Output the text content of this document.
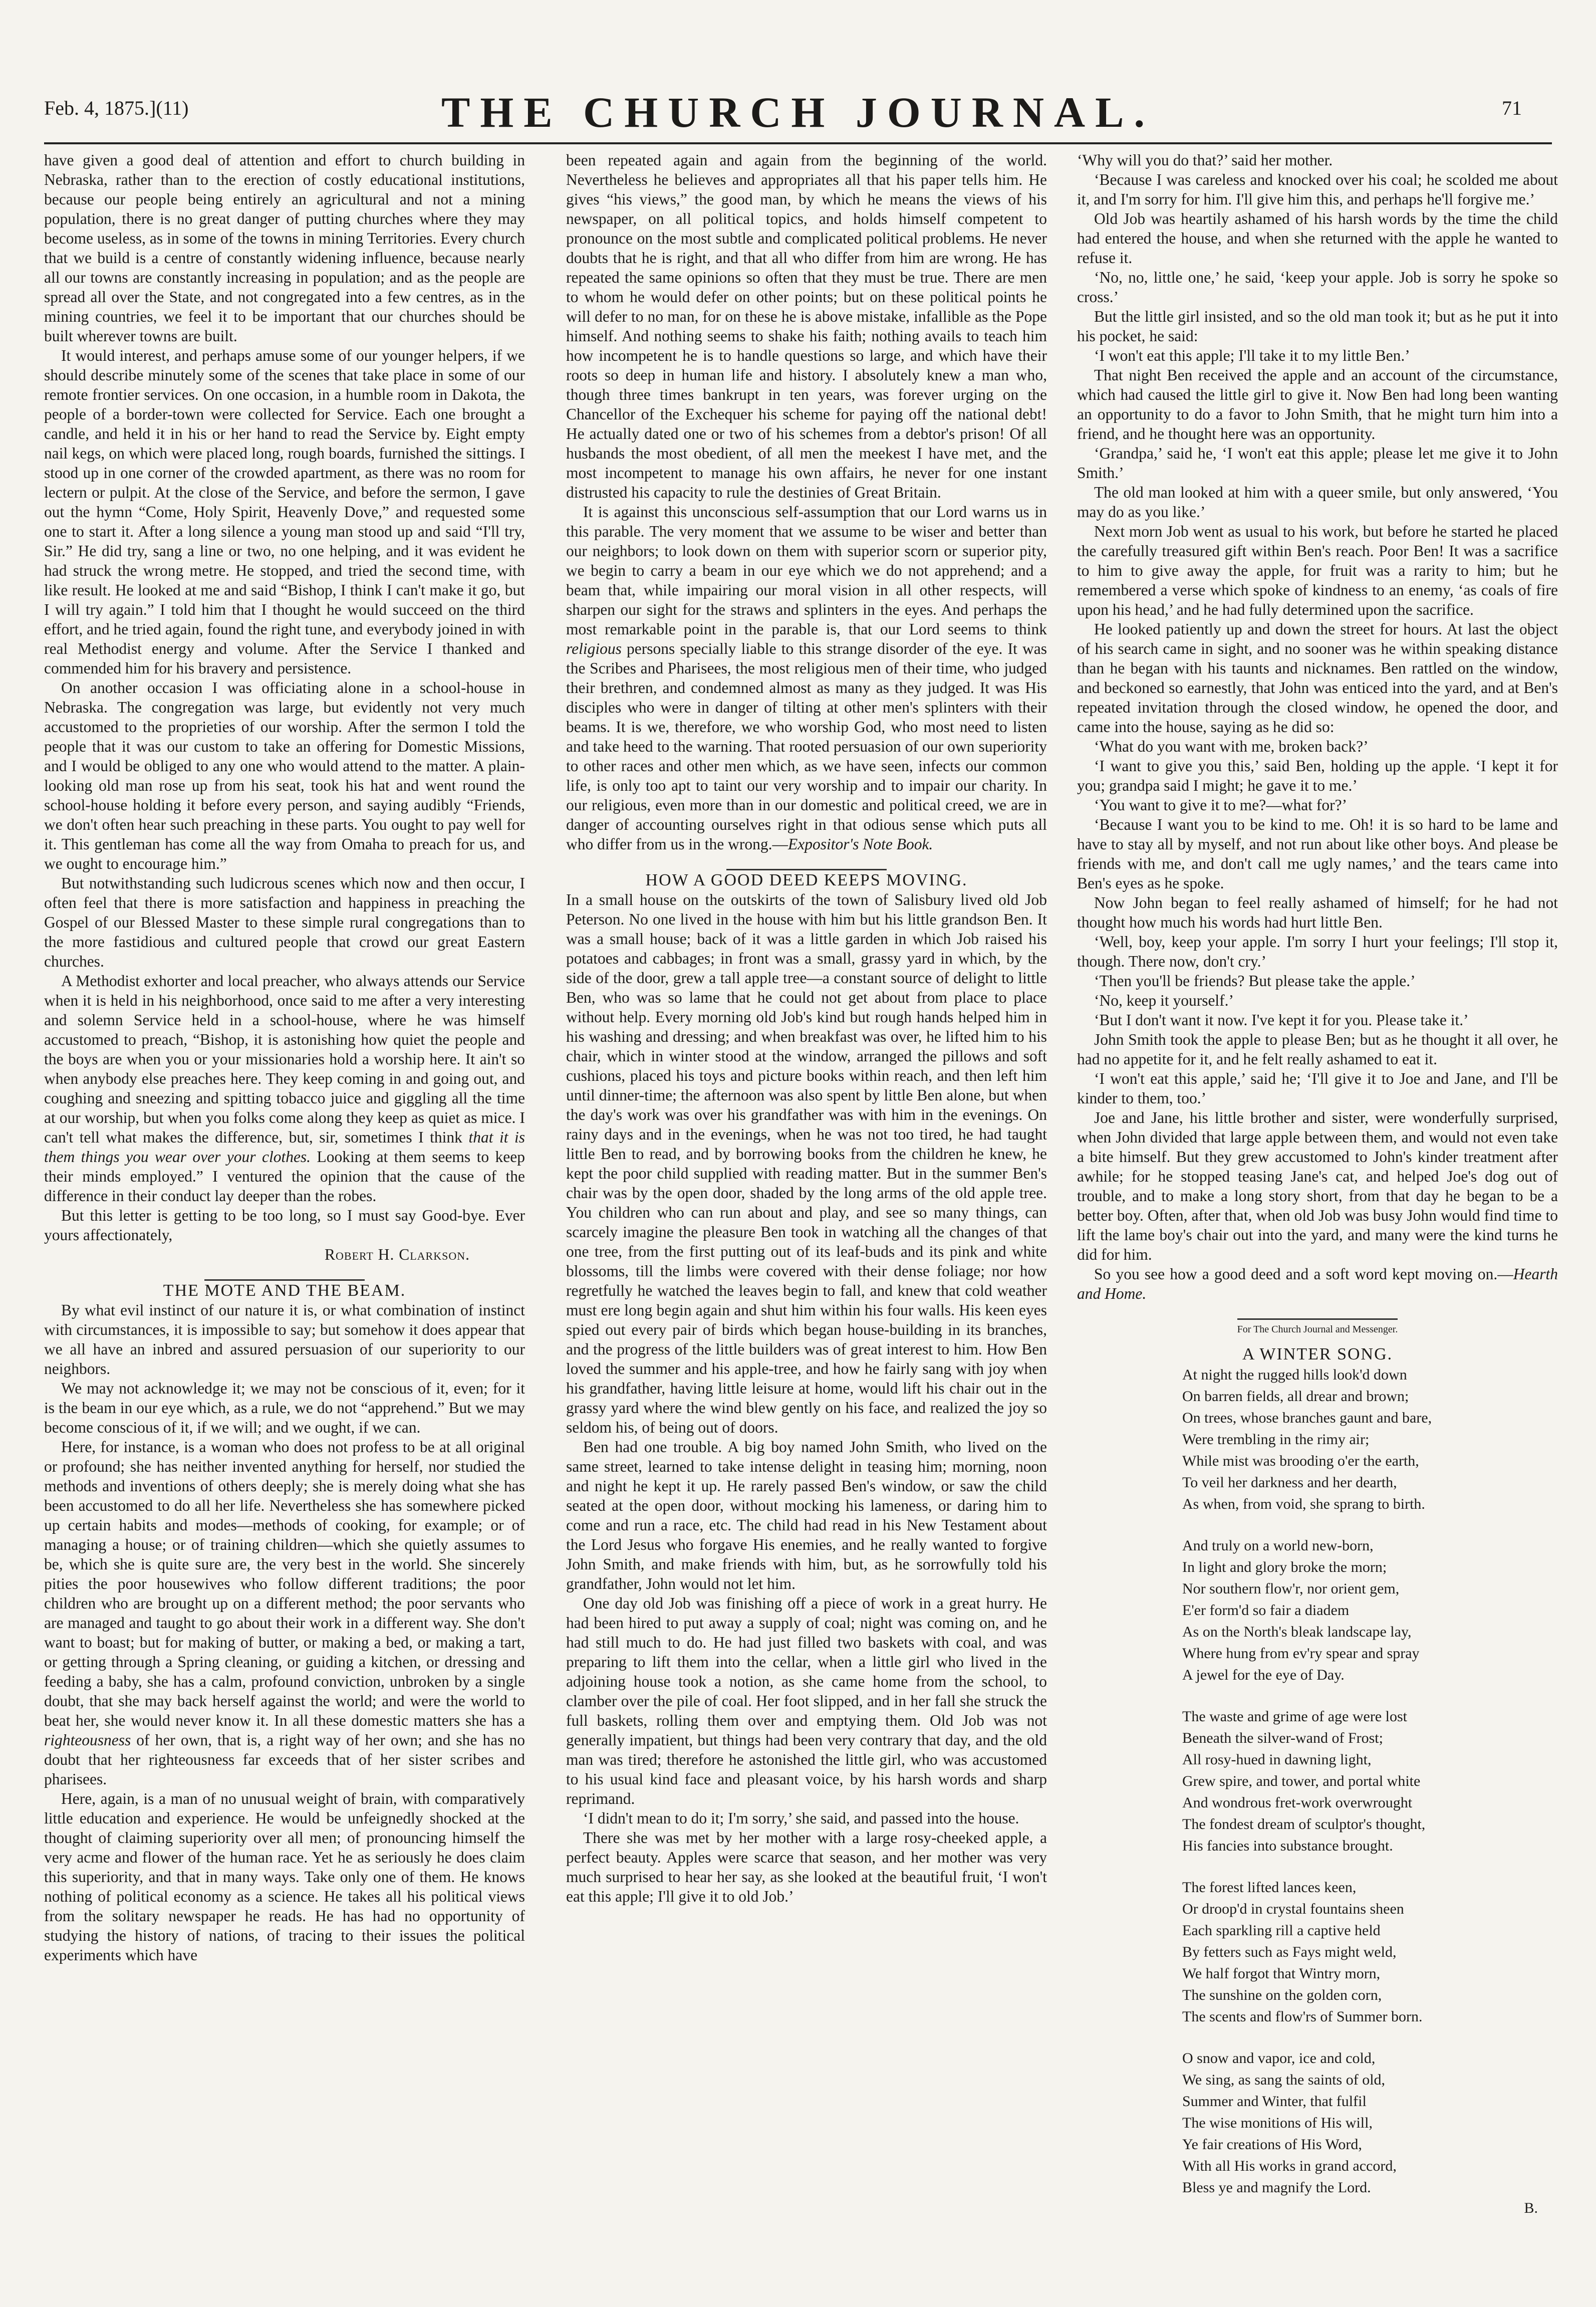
Feb. 4, 1875.](11)	THE CHURCH JOURNAL.	71

have given a good deal of attention and effort to church building in Nebraska, rather than to the erection of costly educational institutions, because our people being entirely an agricultural and not a mining population, there is no great danger of putting churches where they may become useless, as in some of the towns in mining Territories. Every church that we build is a centre of constantly widening influence, because nearly all our towns are constantly increasing in population; and as the people are spread all over the State, and not congregated into a few centres, as in the mining countries, we feel it to be important that our churches should be built wherever towns are built.

It would interest, and perhaps amuse some of our younger helpers, if we should describe minutely some of the scenes that take place in some of our remote frontier services. On one occasion, in a humble room in Dakota, the people of a border-town were collected for Service. Each one brought a candle, and held it in his or her hand to read the Service by. Eight empty nail kegs, on which were placed long, rough boards, furnished the sittings. I stood up in one corner of the crowded apartment, as there was no room for lectern or pulpit. At the close of the Service, and before the sermon, I gave out the hymn “Come, Holy Spirit, Heavenly Dove,” and requested some one to start it. After a long silence a young man stood up and said “I'll try, Sir.” He did try, sang a line or two, no one helping, and it was evident he had struck the wrong metre. He stopped, and tried the second time, with like result. He looked at me and said “Bishop, I think I can't make it go, but I will try again.” I told him that I thought he would succeed on the third effort, and he tried again, found the right tune, and everybody joined in with real Methodist energy and volume. After the Service I thanked and commended him for his bravery and persistence.

On another occasion I was officiating alone in a school-house in Nebraska. The congregation was large, but evidently not very much accustomed to the proprieties of our worship. After the sermon I told the people that it was our custom to take an offering for Domestic Missions, and I would be obliged to any one who would attend to the matter. A plain-looking old man rose up from his seat, took his hat and went round the school-house holding it before every person, and saying audibly “Friends, we don't often hear such preaching in these parts. You ought to pay well for it. This gentleman has come all the way from Omaha to preach for us, and we ought to encourage him.”

But notwithstanding such ludicrous scenes which now and then occur, I often feel that there is more satisfaction and happiness in preaching the Gospel of our Blessed Master to these simple rural congregations than to the more fastidious and cultured people that crowd our great Eastern churches.

A Methodist exhorter and local preacher, who always attends our Service when it is held in his neighborhood, once said to me after a very interesting and solemn Service held in a school-house, where he was himself accustomed to preach, “Bishop, it is astonishing how quiet the people and the boys are when you or your missionaries hold a worship here. It ain't so when anybody else preaches here. They keep coming in and going out, and coughing and sneezing and spitting tobacco juice and giggling all the time at our worship, but when you folks come along they keep as quiet as mice. I can't tell what makes the difference, but, sir, sometimes I think that it is them things you wear over your clothes. Looking at them seems to keep their minds employed.” I ventured the opinion that the cause of the difference in their conduct lay deeper than the robes.

But this letter is getting to be too long, so I must say Good-bye. Ever yours affectionately,

Robert H. Clarkson.

THE MOTE AND THE BEAM.

By what evil instinct of our nature it is, or what combination of instinct with circumstances, it is impossible to say; but somehow it does appear that we all have an inbred and assured persuasion of our superiority to our neighbors.

We may not acknowledge it; we may not be conscious of it, even; for it is the beam in our eye which, as a rule, we do not “apprehend.” But we may become conscious of it, if we will; and we ought, if we can.

Here, for instance, is a woman who does not profess to be at all original or profound; she has neither invented anything for herself, nor studied the methods and inventions of others deeply; she is merely doing what she has been accustomed to do all her life. Nevertheless she has somewhere picked up certain habits and modes—methods of cooking, for example; or of managing a house; or of training children—which she quietly assumes to be, which she is quite sure are, the very best in the world. She sincerely pities the poor housewives who follow different traditions; the poor children who are brought up on a different method; the poor servants who are managed and taught to go about their work in a different way. She don't want to boast; but for making of butter, or making a bed, or making a tart, or getting through a Spring cleaning, or guiding a kitchen, or dressing and feeding a baby, she has a calm, profound conviction, unbroken by a single doubt, that she may back herself against the world; and were the world to beat her, she would never know it. In all these domestic matters she has a righteousness of her own, that is, a right way of her own; and she has no doubt that her righteousness far exceeds that of her sister scribes and pharisees.

Here, again, is a man of no unusual weight of brain, with comparatively little education and experience. He would be unfeignedly shocked at the thought of claiming superiority over all men; of pronouncing himself the very acme and flower of the human race. Yet he as seriously he does claim this superiority, and that in many ways. Take only one of them. He knows nothing of political economy as a science. He takes all his political views from the solitary newspaper he reads. He has had no opportunity of studying the history of nations, of tracing to their issues the political experiments which have

been repeated again and again from the beginning of the world. Nevertheless he believes and appropriates all that his paper tells him. He gives “his views,” the good man, by which he means the views of his newspaper, on all political topics, and holds himself competent to pronounce on the most subtle and complicated political problems. He never doubts that he is right, and that all who differ from him are wrong. He has repeated the same opinions so often that they must be true. There are men to whom he would defer on other points; but on these political points he will defer to no man, for on these he is above mistake, infallible as the Pope himself. And nothing seems to shake his faith; nothing avails to teach him how incompetent he is to handle questions so large, and which have their roots so deep in human life and history. I absolutely knew a man who, though three times bankrupt in ten years, was forever urging on the Chancellor of the Exchequer his scheme for paying off the national debt! He actually dated one or two of his schemes from a debtor's prison! Of all husbands the most obedient, of all men the meekest I have met, and the most incompetent to manage his own affairs, he never for one instant distrusted his capacity to rule the destinies of Great Britain.

It is against this unconscious self-assumption that our Lord warns us in this parable. The very moment that we assume to be wiser and better than our neighbors; to look down on them with superior scorn or superior pity, we begin to carry a beam in our eye which we do not apprehend; and a beam that, while impairing our moral vision in all other respects, will sharpen our sight for the straws and splinters in the eyes. And perhaps the most remarkable point in the parable is, that our Lord seems to think religious persons specially liable to this strange disorder of the eye. It was the Scribes and Pharisees, the most religious men of their time, who judged their brethren, and condemned almost as many as they judged. It was His disciples who were in danger of tilting at other men's splinters with their beams. It is we, therefore, we who worship God, who most need to listen and take heed to the warning. That rooted persuasion of our own superiority to other races and other men which, as we have seen, infects our common life, is only too apt to taint our very worship and to impair our charity. In our religious, even more than in our domestic and political creed, we are in danger of accounting ourselves right in that odious sense which puts all who differ from us in the wrong.—Expositor's Note Book.

HOW A GOOD DEED KEEPS MOVING.

In a small house on the outskirts of the town of Salisbury lived old Job Peterson. No one lived in the house with him but his little grandson Ben. It was a small house; back of it was a little garden in which Job raised his potatoes and cabbages; in front was a small, grassy yard in which, by the side of the door, grew a tall apple tree—a constant source of delight to little Ben, who was so lame that he could not get about from place to place without help. Every morning old Job's kind but rough hands helped him in his washing and dressing; and when breakfast was over, he lifted him to his chair, which in winter stood at the window, arranged the pillows and soft cushions, placed his toys and picture books within reach, and then left him until dinner-time; the afternoon was also spent by little Ben alone, but when the day's work was over his grandfather was with him in the evenings. On rainy days and in the evenings, when he was not too tired, he had taught little Ben to read, and by borrowing books from the children he knew, he kept the poor child supplied with reading matter. But in the summer Ben's chair was by the open door, shaded by the long arms of the old apple tree. You children who can run about and play, and see so many things, can scarcely imagine the pleasure Ben took in watching all the changes of that one tree, from the first putting out of its leaf-buds and its pink and white blossoms, till the limbs were covered with their dense foliage; nor how regretfully he watched the leaves begin to fall, and knew that cold weather must ere long begin again and shut him within his four walls. His keen eyes spied out every pair of birds which began house-building in its branches, and the progress of the little builders was of great interest to him. How Ben loved the summer and his apple-tree, and how he fairly sang with joy when his grandfather, having little leisure at home, would lift his chair out in the grassy yard where the wind blew gently on his face, and realized the joy so seldom his, of being out of doors.

Ben had one trouble. A big boy named John Smith, who lived on the same street, learned to take intense delight in teasing him; morning, noon and night he kept it up. He rarely passed Ben's window, or saw the child seated at the open door, without mocking his lameness, or daring him to come and run a race, etc. The child had read in his New Testament about the Lord Jesus who forgave His enemies, and he really wanted to forgive John Smith, and make friends with him, but, as he sorrowfully told his grandfather, John would not let him.

One day old Job was finishing off a piece of work in a great hurry. He had been hired to put away a supply of coal; night was coming on, and he had still much to do. He had just filled two baskets with coal, and was preparing to lift them into the cellar, when a little girl who lived in the adjoining house took a notion, as she came home from the school, to clamber over the pile of coal. Her foot slipped, and in her fall she struck the full baskets, rolling them over and emptying them. Old Job was not generally impatient, but things had been very contrary that day, and the old man was tired; therefore he astonished the little girl, who was accustomed to his usual kind face and pleasant voice, by his harsh words and sharp reprimand.

‘I didn't mean to do it; I'm sorry,’ she said, and passed into the house.

There she was met by her mother with a large rosy-cheeked apple, a perfect beauty. Apples were scarce that season, and her mother was very much surprised to hear her say, as she looked at the beautiful fruit, ‘I won't eat this apple; I'll give it to old Job.’

‘Why will you do that?’ said her mother.

‘Because I was careless and knocked over his coal; he scolded me about it, and I'm sorry for him. I'll give him this, and perhaps he'll forgive me.’

Old Job was heartily ashamed of his harsh words by the time the child had entered the house, and when she returned with the apple he wanted to refuse it.

‘No, no, little one,’ he said, ‘keep your apple. Job is sorry he spoke so cross.’

But the little girl insisted, and so the old man took it; but as he put it into his pocket, he said:

‘I won't eat this apple; I'll take it to my little Ben.’

That night Ben received the apple and an account of the circumstance, which had caused the little girl to give it. Now Ben had long been wanting an opportunity to do a favor to John Smith, that he might turn him into a friend, and he thought here was an opportunity.

‘Grandpa,’ said he, ‘I won't eat this apple; please let me give it to John Smith.’

The old man looked at him with a queer smile, but only answered, ‘You may do as you like.’

Next morn Job went as usual to his work, but before he started he placed the carefully treasured gift within Ben's reach. Poor Ben! It was a sacrifice to him to give away the apple, for fruit was a rarity to him; but he remembered a verse which spoke of kindness to an enemy, ‘as coals of fire upon his head,’ and he had fully determined upon the sacrifice.

He looked patiently up and down the street for hours. At last the object of his search came in sight, and no sooner was he within speaking distance than he began with his taunts and nicknames. Ben rattled on the window, and beckoned so earnestly, that John was enticed into the yard, and at Ben's repeated invitation through the closed window, he opened the door, and came into the house, saying as he did so:

‘What do you want with me, broken back?’

‘I want to give you this,’ said Ben, holding up the apple. ‘I kept it for you; grandpa said I might; he gave it to me.’

‘You want to give it to me?—what for?’

‘Because I want you to be kind to me. Oh! it is so hard to be lame and have to stay all by myself, and not run about like other boys. And please be friends with me, and don't call me ugly names,’ and the tears came into Ben's eyes as he spoke.

Now John began to feel really ashamed of himself; for he had not thought how much his words had hurt little Ben.

‘Well, boy, keep your apple. I'm sorry I hurt your feelings; I'll stop it, though. There now, don't cry.’

‘Then you'll be friends? But please take the apple.’

‘No, keep it yourself.’

‘But I don't want it now. I've kept it for you. Please take it.’

John Smith took the apple to please Ben; but as he thought it all over, he had no appetite for it, and he felt really ashamed to eat it.

‘I won't eat this apple,’ said he; ‘I'll give it to Joe and Jane, and I'll be kinder to them, too.’

Joe and Jane, his little brother and sister, were wonderfully surprised, when John divided that large apple between them, and would not even take a bite himself. But they grew accustomed to John's kinder treatment after awhile; for he stopped teasing Jane's cat, and helped Joe's dog out of trouble, and to make a long story short, from that day he began to be a better boy. Often, after that, when old Job was busy John would find time to lift the lame boy's chair out into the yard, and many were the kind turns he did for him.

So you see how a good deed and a soft word kept moving on.—Hearth and Home.

For The Church Journal and Messenger.

A WINTER SONG.

At night the rugged hills look'd down
On barren fields, all drear and brown;
On trees, whose branches gaunt and bare,
Were trembling in the rimy air;
While mist was brooding o'er the earth,
To veil her darkness and her dearth,
As when, from void, she sprang to birth.
And truly on a world new-born,
In light and glory broke the morn;
Nor southern flow'r, nor orient gem,
E'er form'd so fair a diadem
As on the North's bleak landscape lay,
Where hung from ev'ry spear and spray
A jewel for the eye of Day.
The waste and grime of age were lost
Beneath the silver-wand of Frost;
All rosy-hued in dawning light,
Grew spire, and tower, and portal white
And wondrous fret-work overwrought
The fondest dream of sculptor's thought,
His fancies into substance brought.
The forest lifted lances keen,
Or droop'd in crystal fountains sheen
Each sparkling rill a captive held
By fetters such as Fays might weld,
We half forgot that Wintry morn,
The sunshine on the golden corn,
The scents and flow'rs of Summer born.
O snow and vapor, ice and cold,
We sing, as sang the saints of old,
Summer and Winter, that fulfil
The wise monitions of His will,
Ye fair creations of His Word,
With all His works in grand accord,
Bless ye and magnify the Lord.

B.
